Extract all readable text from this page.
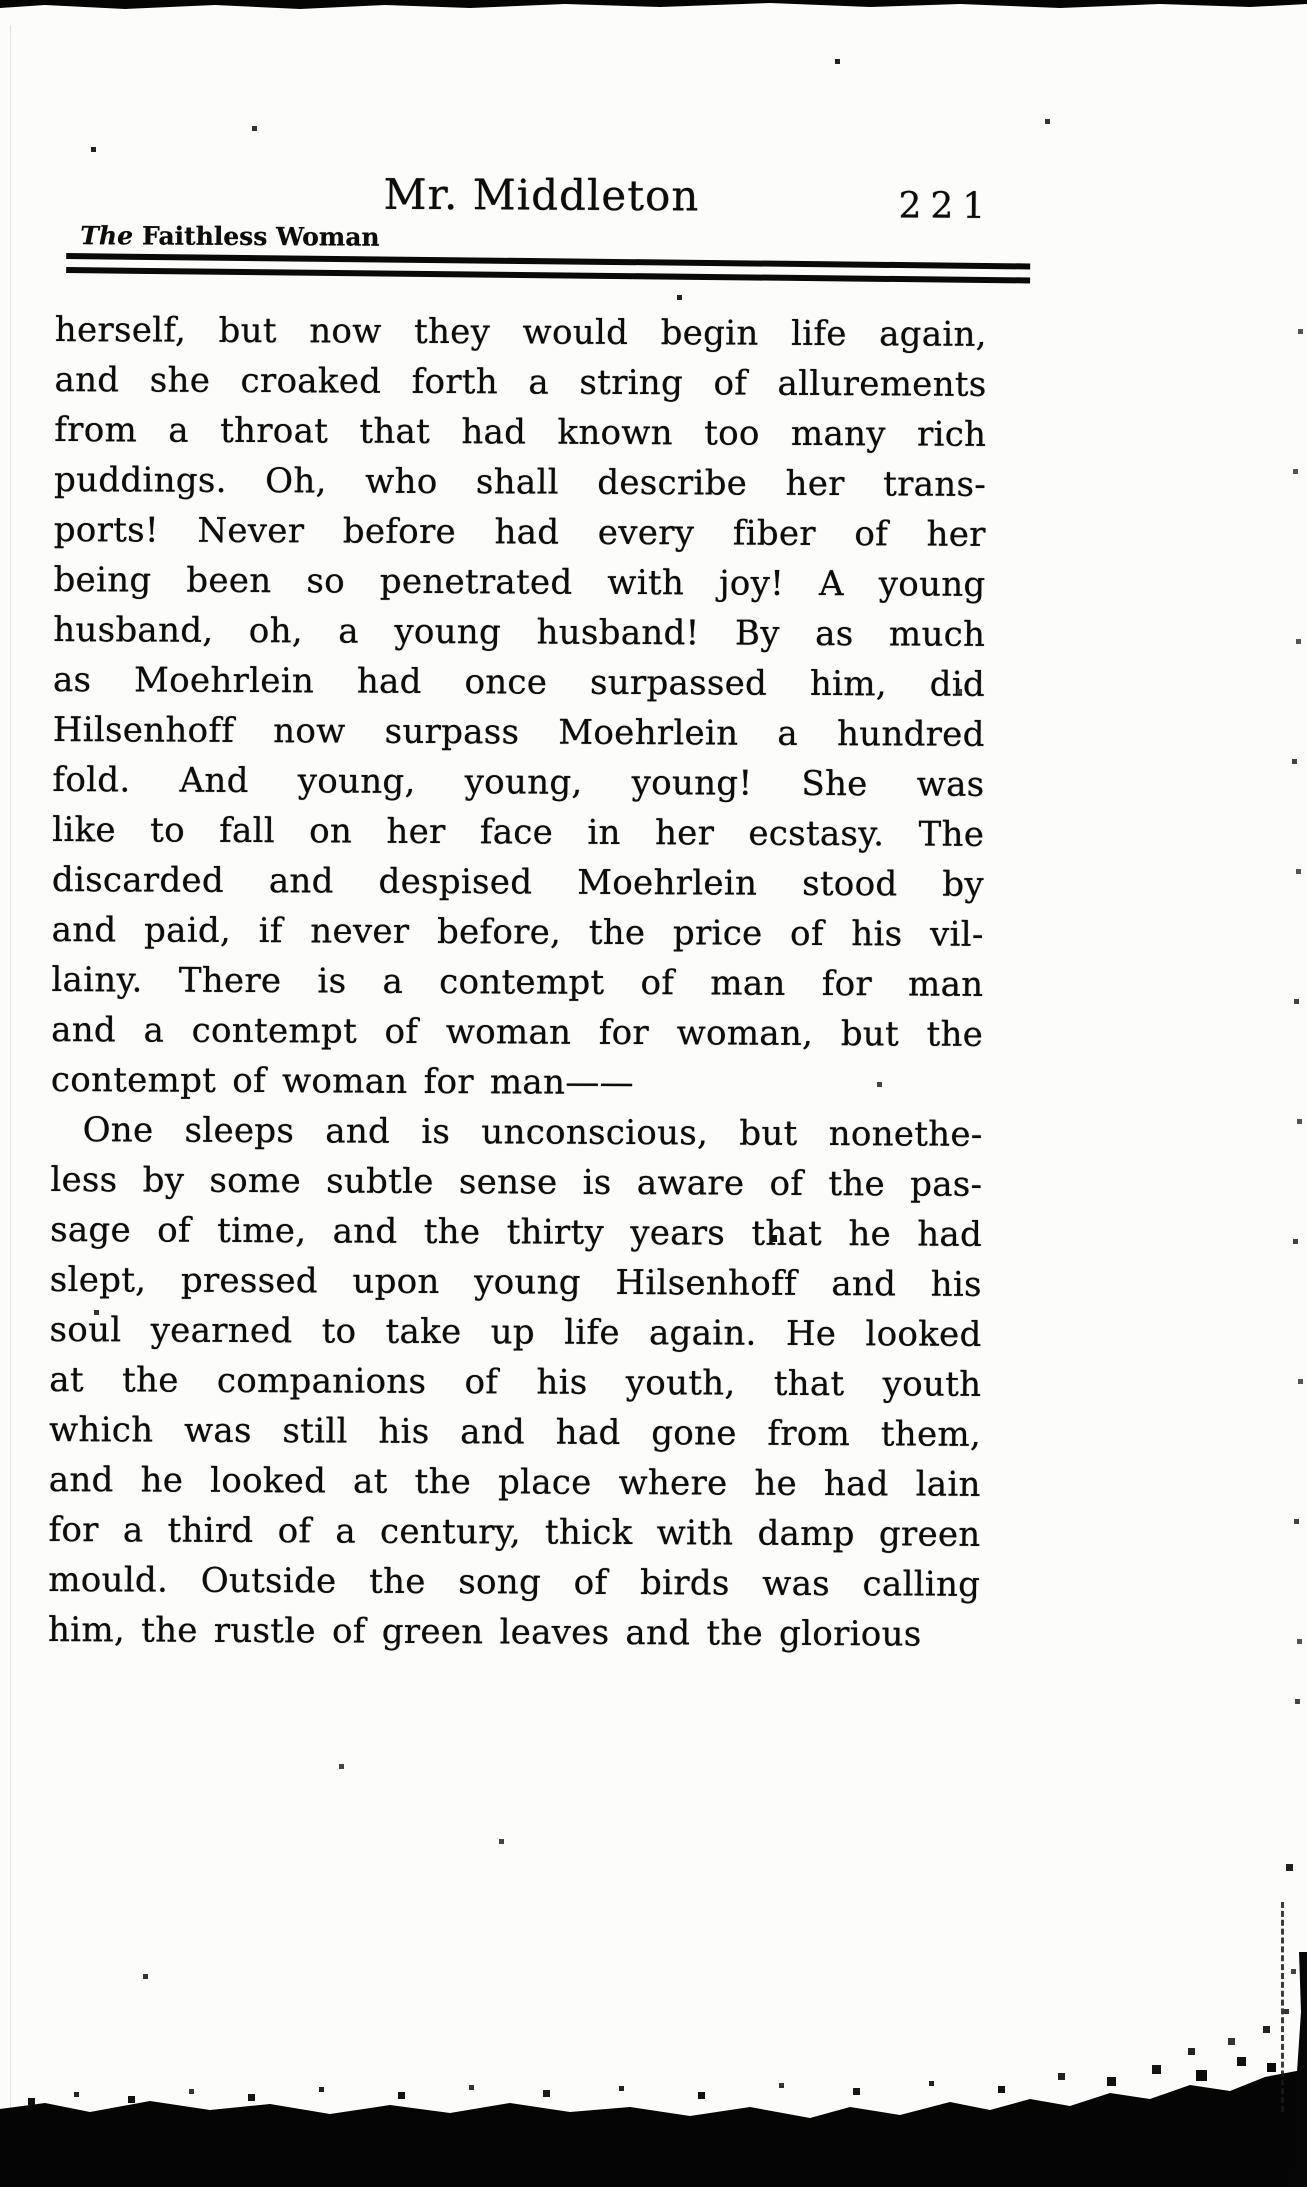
Mr. Middleton	221
The Faithless Woman
herself, but now they would begin life again,
and she croaked forth a string of allurements
from a throat that had known too many rich
puddings. Oh, who shall describe her trans-
ports! Never before had every fiber of her
being been so penetrated with joy! A young
husband, oh, a young husband! By as much
as Moehrlein had once surpassed him, did
Hilsenhoff now surpass Moehrlein a hundred
fold. And young, young, young! She was
like to fall on her face in her ecstasy. The
discarded and despised Moehrlein stood by
and paid, if never before, the price of his vil-
lainy. There is a contempt of man for man
and a contempt of woman for woman, but the
contempt of woman for man——
One sleeps and is unconscious, but nonethe-
less by some subtle sense is aware of the pas-
sage of time, and the thirty years that he had
slept, pressed upon young Hilsenhoff and his
soul yearned to take up life again. He looked
at the companions of his youth, that youth
which was still his and had gone from them,
and he looked at the place where he had lain
for a third of a century, thick with damp green
mould. Outside the song of birds was calling
him, the rustle of green leaves and the glorious
